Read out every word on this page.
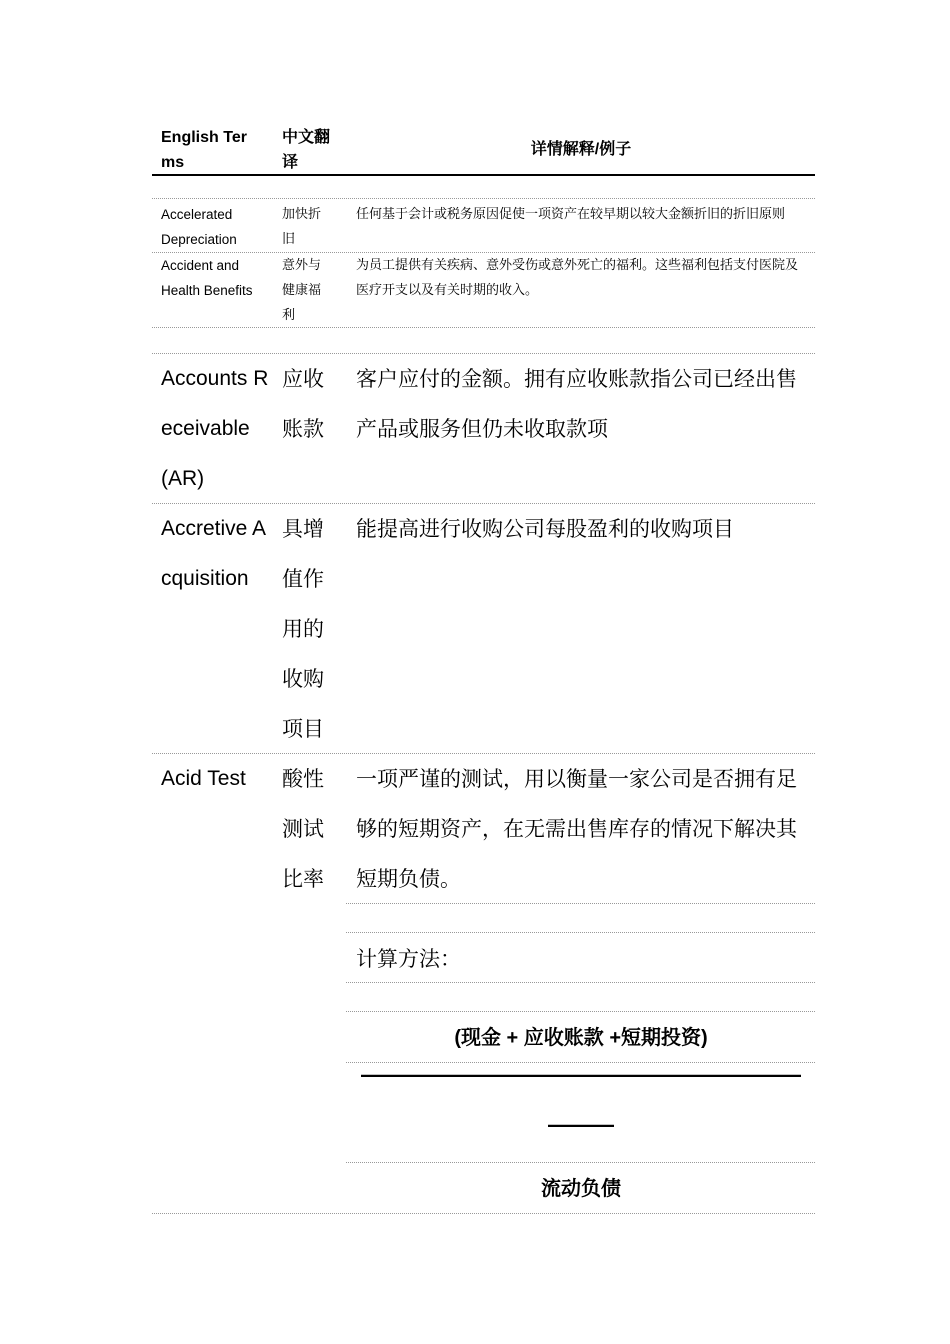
English Terms
中文翻译
详情解释/例子
Accelerated Depreciation
加快折旧
任何基于会计或税务原因促使一项资产在较早期以较大金额折旧的折旧原则
Accident and Health Benefits
意外与健康福利
为员工提供有关疾病、意外受伤或意外死亡的福利。这些福利包括支付医院及医疗开支以及有关时期的收入。
Accounts Receivable (AR)
应收账款
客户应付的金额。拥有应收账款指公司已经出售产品或服务但仍未收取款项
Accretive Acquisition
具增值作用的收购项目
能提高进行收购公司每股盈利的收购项目
Acid Test	酸性测试比率
一项严谨的测试，用以衡量一家公司是否拥有足够的短期资产，在无需出售库存的情况下解决其短期负债。
计算方法：
(现金 + 应收账款 +短期投资)
————————————————————
———
流动负债
